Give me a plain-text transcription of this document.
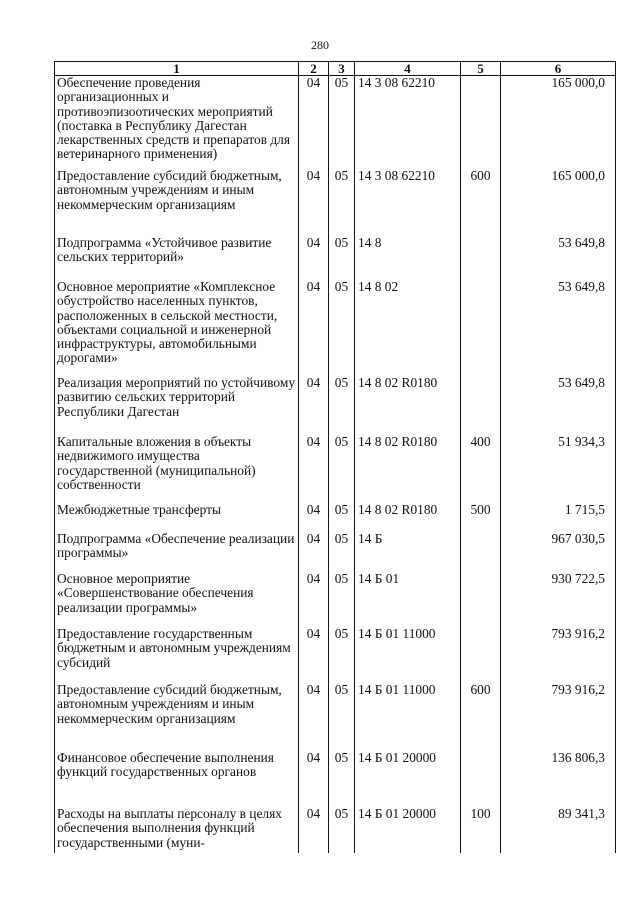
280
1	2	3	4	5	6
Обеспечение проведения организационных и противоэпизоотических мероприятий (поставка в Республику Дагестан лекарственных средств и препаратов для ветеринарного применения)	04	05	14 3 08 62210		165 000,0
Предоставление субсидий бюджетным, автономным учреждениям и иным некоммерческим организациям	04	05	14 3 08 62210	600	165 000,0
Подпрограмма «Устойчивое развитие сельских территорий»	04	05	14 8		53 649,8
Основное мероприятие «Комплексное обустройство населенных пунктов, расположенных в сельской местности, объектами социальной и инженерной инфраструктуры, автомобильными дорогами»	04	05	14 8 02		53 649,8
Реализация мероприятий по устойчивому развитию сельских территорий Республики Дагестан	04	05	14 8 02 R0180		53 649,8
Капитальные вложения в объекты недвижимого имущества государственной (муниципальной) собственности	04	05	14 8 02 R0180	400	51 934,3
Межбюджетные трансферты	04	05	14 8 02 R0180	500	1 715,5
Подпрограмма «Обеспечение реализации программы»	04	05	14 Б		967 030,5
Основное мероприятие «Совершенствование обеспечения реализации программы»	04	05	14 Б 01		930 722,5
Предоставление государственным бюджетным и автономным учреждениям субсидий	04	05	14 Б 01 11000		793 916,2
Предоставление субсидий бюджетным, автономным учреждениям и иным некоммерческим организациям	04	05	14 Б 01 11000	600	793 916,2
Финансовое обеспечение выполнения функций государственных органов	04	05	14 Б 01 20000		136 806,3
Расходы на выплаты персоналу в целях обеспечения выполнения функций государственными (муни-	04	05	14 Б 01 20000	100	89 341,3
